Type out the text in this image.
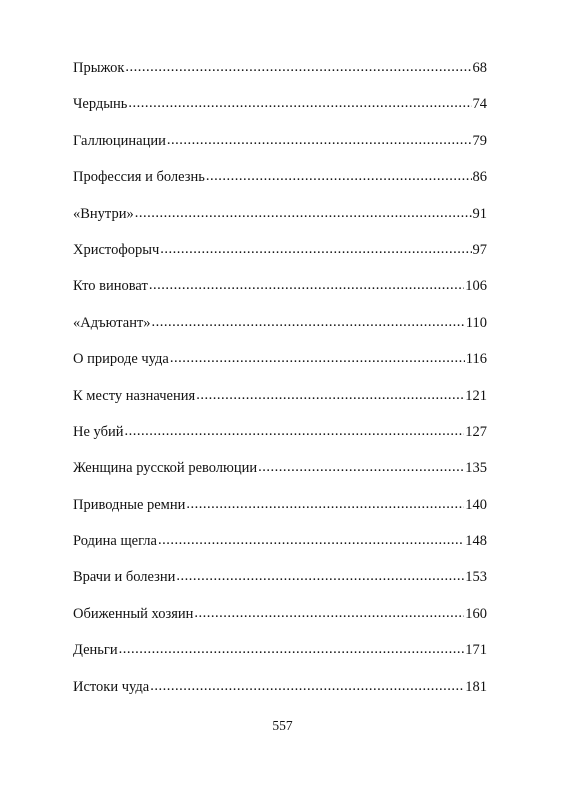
Прыжок .....	68
Чердынь .....	74
Галлюцинации .....	79
Профессия и болезнь .....	86
«Внутри» .....	91
Христофорыч .....	97
Кто виноват .....	106
«Адъютант» .....	110
О природе чуда .....	116
К месту назначения .....	121
Не убий .....	127
Женщина русской революции .....	135
Приводные ремни .....	140
Родина щегла .....	148
Врачи и болезни .....	153
Обиженный хозяин .....	160
Деньги .....	171
Истоки чуда .....	181
557
